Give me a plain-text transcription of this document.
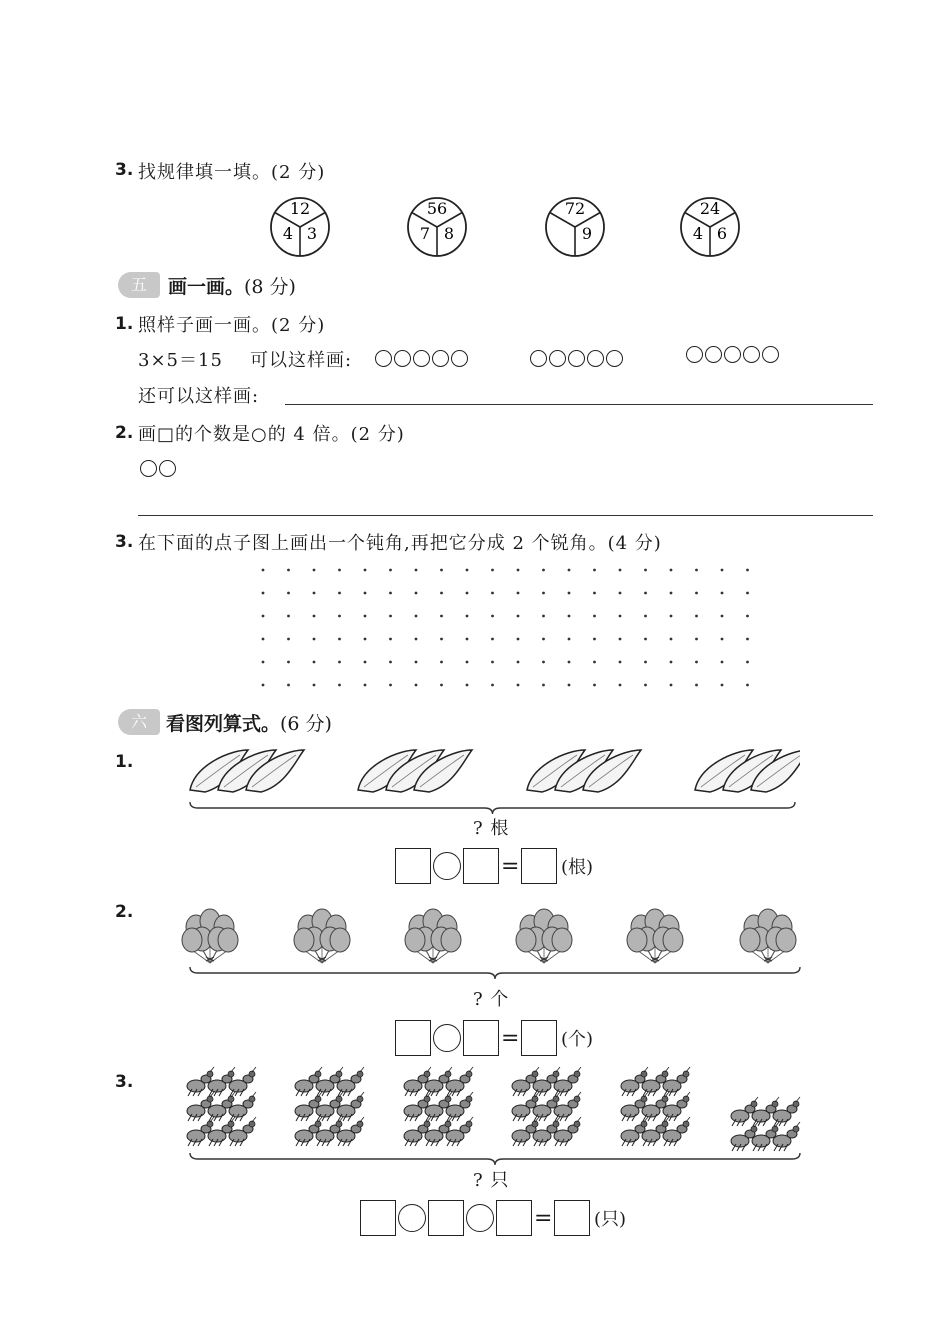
3. 找规律填一填。(2 分)
12
4 3
56
7 8
72
9
24
4 6
五	画一画。(8 分)
1. 照样子画一画。(2 分)
3×5＝15 可以这样画:
还可以这样画:
2. 画□的个数是○的 4 倍。(2 分)
3. 在下面的点子图上画出一个钝角,再把它分成 2 个锐角。(4 分)
六	看图列算式。(6 分)
1.
? 根
= (根)
2.
? 个
= (个)
3.
? 只
= (只)
